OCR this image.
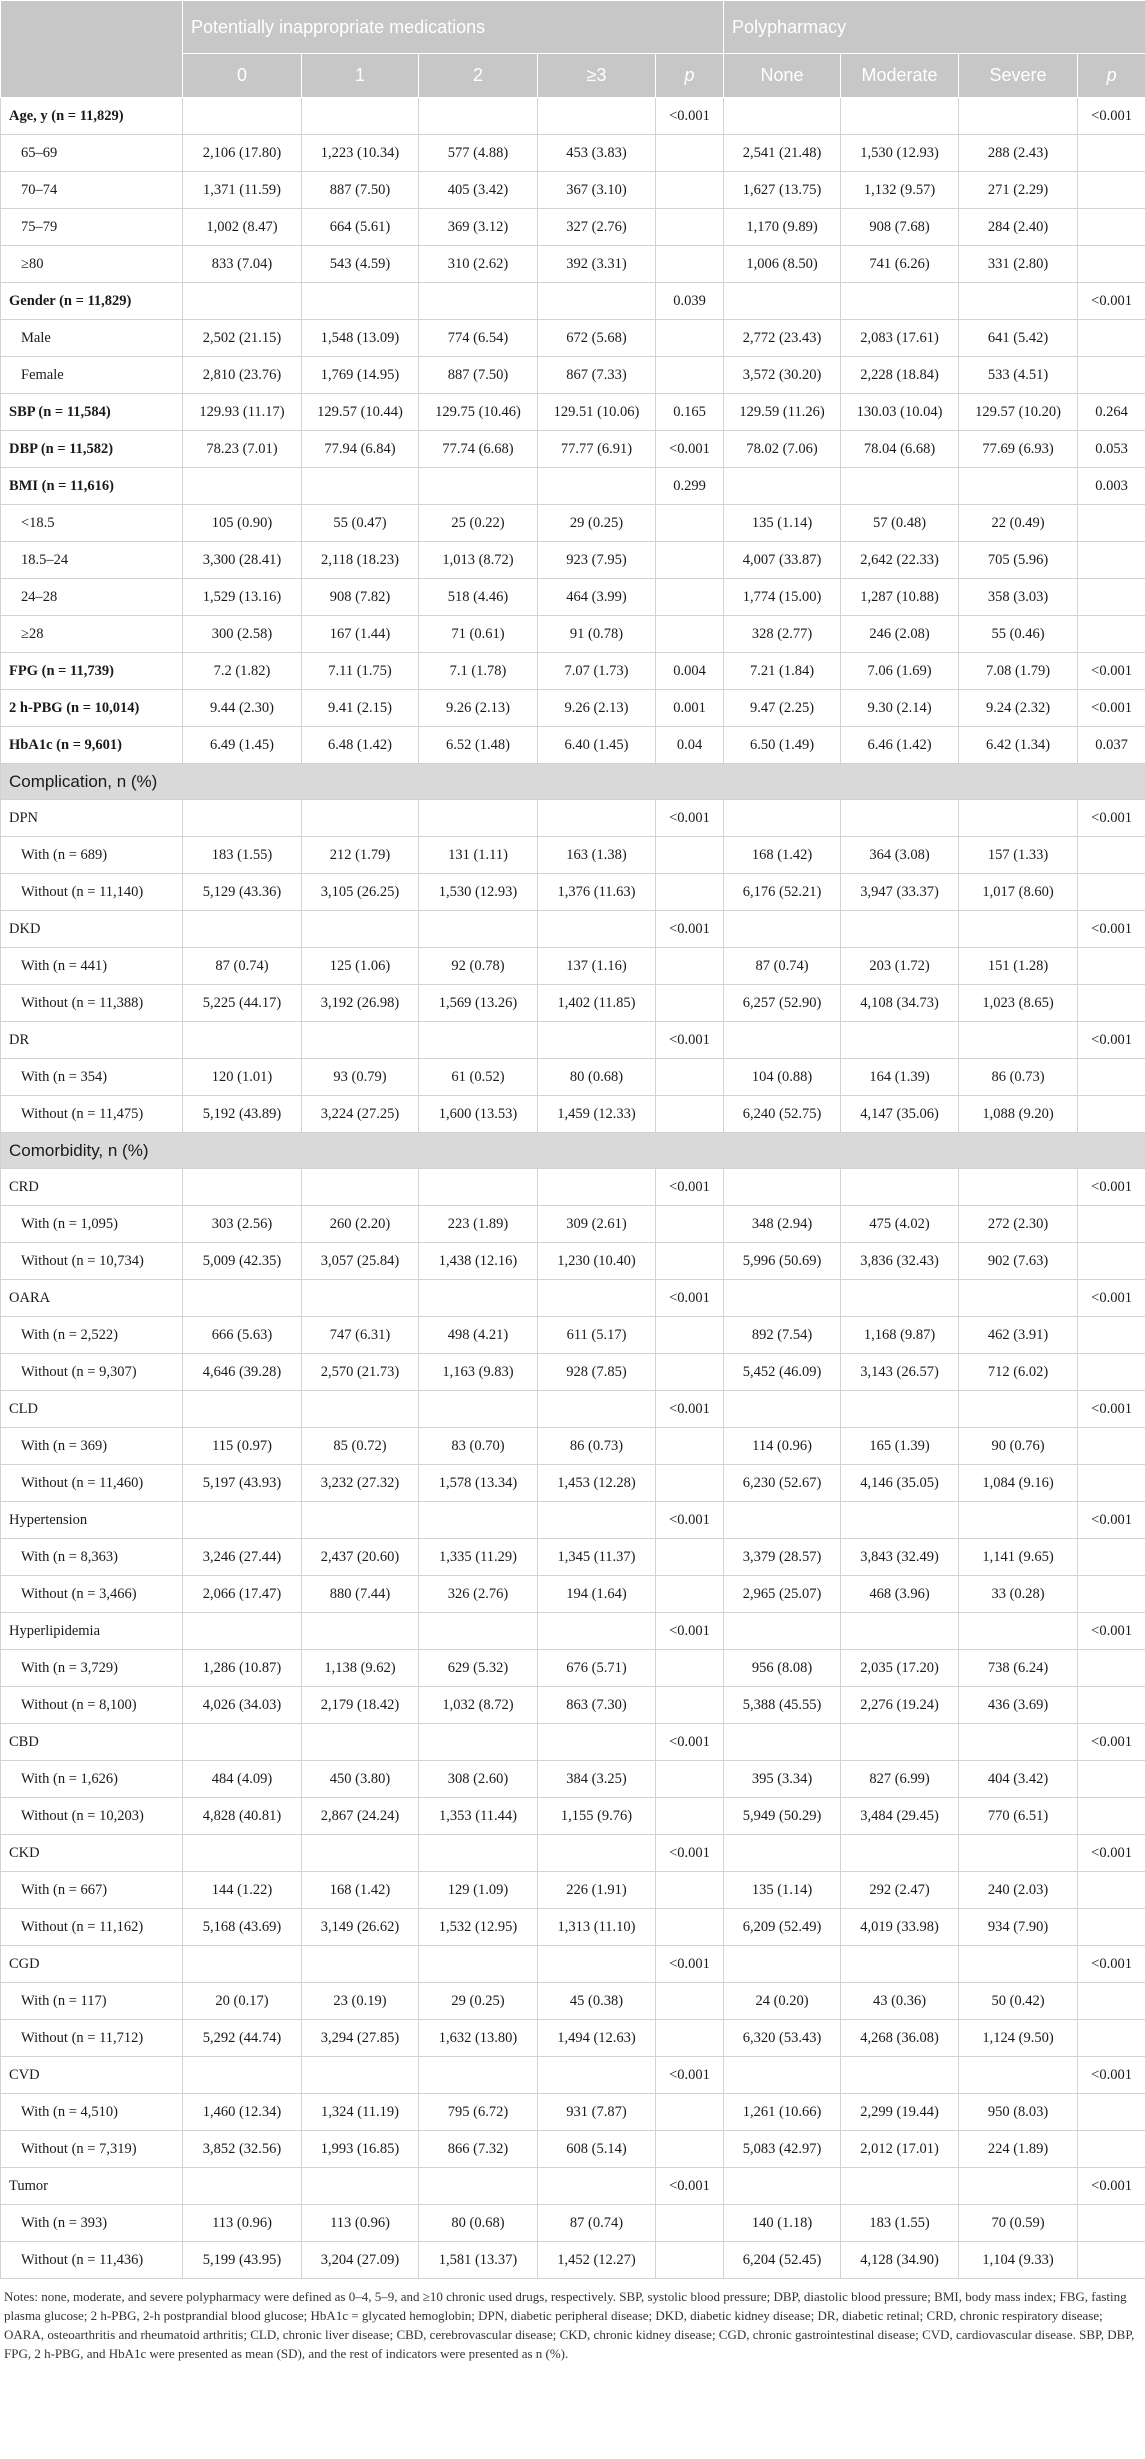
	Potentially inappropriate medications					Polypharmacy			
	0	1	2	≥3	p	None	Moderate	Severe	p
Age, y (n = 11,829)					<0.001				<0.001
65–69	2,106 (17.80)	1,223 (10.34)	577 (4.88)	453 (3.83)		2,541 (21.48)	1,530 (12.93)	288 (2.43)	
70–74	1,371 (11.59)	887 (7.50)	405 (3.42)	367 (3.10)		1,627 (13.75)	1,132 (9.57)	271 (2.29)	
75–79	1,002 (8.47)	664 (5.61)	369 (3.12)	327 (2.76)		1,170 (9.89)	908 (7.68)	284 (2.40)	
≥80	833 (7.04)	543 (4.59)	310 (2.62)	392 (3.31)		1,006 (8.50)	741 (6.26)	331 (2.80)	
Gender (n = 11,829)					0.039				<0.001
Male	2,502 (21.15)	1,548 (13.09)	774 (6.54)	672 (5.68)		2,772 (23.43)	2,083 (17.61)	641 (5.42)	
Female	2,810 (23.76)	1,769 (14.95)	887 (7.50)	867 (7.33)		3,572 (30.20)	2,228 (18.84)	533 (4.51)	
SBP (n = 11,584)	129.93 (11.17)	129.57 (10.44)	129.75 (10.46)	129.51 (10.06)	0.165	129.59 (11.26)	130.03 (10.04)	129.57 (10.20)	0.264
DBP (n = 11,582)	78.23 (7.01)	77.94 (6.84)	77.74 (6.68)	77.77 (6.91)	<0.001	78.02 (7.06)	78.04 (6.68)	77.69 (6.93)	0.053
BMI (n = 11,616)					0.299				0.003
<18.5	105 (0.90)	55 (0.47)	25 (0.22)	29 (0.25)		135 (1.14)	57 (0.48)	22 (0.49)	
18.5–24	3,300 (28.41)	2,118 (18.23)	1,013 (8.72)	923 (7.95)		4,007 (33.87)	2,642 (22.33)	705 (5.96)	
24–28	1,529 (13.16)	908 (7.82)	518 (4.46)	464 (3.99)		1,774 (15.00)	1,287 (10.88)	358 (3.03)	
≥28	300 (2.58)	167 (1.44)	71 (0.61)	91 (0.78)		328 (2.77)	246 (2.08)	55 (0.46)	
FPG (n = 11,739)	7.2 (1.82)	7.11 (1.75)	7.1 (1.78)	7.07 (1.73)	0.004	7.21 (1.84)	7.06 (1.69)	7.08 (1.79)	<0.001
2 h-PBG (n = 10,014)	9.44 (2.30)	9.41 (2.15)	9.26 (2.13)	9.26 (2.13)	0.001	9.47 (2.25)	9.30 (2.14)	9.24 (2.32)	<0.001
HbA1c (n = 9,601)	6.49 (1.45)	6.48 (1.42)	6.52 (1.48)	6.40 (1.45)	0.04	6.50 (1.49)	6.46 (1.42)	6.42 (1.34)	0.037
Complication, n (%)									
DPN					<0.001				<0.001
With (n = 689)	183 (1.55)	212 (1.79)	131 (1.11)	163 (1.38)		168 (1.42)	364 (3.08)	157 (1.33)	
Without (n = 11,140)	5,129 (43.36)	3,105 (26.25)	1,530 (12.93)	1,376 (11.63)		6,176 (52.21)	3,947 (33.37)	1,017 (8.60)	
DKD					<0.001				<0.001
With (n = 441)	87 (0.74)	125 (1.06)	92 (0.78)	137 (1.16)		87 (0.74)	203 (1.72)	151 (1.28)	
Without (n = 11,388)	5,225 (44.17)	3,192 (26.98)	1,569 (13.26)	1,402 (11.85)		6,257 (52.90)	4,108 (34.73)	1,023 (8.65)	
DR					<0.001				<0.001
With (n = 354)	120 (1.01)	93 (0.79)	61 (0.52)	80 (0.68)		104 (0.88)	164 (1.39)	86 (0.73)	
Without (n = 11,475)	5,192 (43.89)	3,224 (27.25)	1,600 (13.53)	1,459 (12.33)		6,240 (52.75)	4,147 (35.06)	1,088 (9.20)	
Comorbidity, n (%)									
CRD					<0.001				<0.001
With (n = 1,095)	303 (2.56)	260 (2.20)	223 (1.89)	309 (2.61)		348 (2.94)	475 (4.02)	272 (2.30)	
Without (n = 10,734)	5,009 (42.35)	3,057 (25.84)	1,438 (12.16)	1,230 (10.40)		5,996 (50.69)	3,836 (32.43)	902 (7.63)	
OARA					<0.001				<0.001
With (n = 2,522)	666 (5.63)	747 (6.31)	498 (4.21)	611 (5.17)		892 (7.54)	1,168 (9.87)	462 (3.91)	
Without (n = 9,307)	4,646 (39.28)	2,570 (21.73)	1,163 (9.83)	928 (7.85)		5,452 (46.09)	3,143 (26.57)	712 (6.02)	
CLD					<0.001				<0.001
With (n = 369)	115 (0.97)	85 (0.72)	83 (0.70)	86 (0.73)		114 (0.96)	165 (1.39)	90 (0.76)	
Without (n = 11,460)	5,197 (43.93)	3,232 (27.32)	1,578 (13.34)	1,453 (12.28)		6,230 (52.67)	4,146 (35.05)	1,084 (9.16)	
Hypertension					<0.001				<0.001
With (n = 8,363)	3,246 (27.44)	2,437 (20.60)	1,335 (11.29)	1,345 (11.37)		3,379 (28.57)	3,843 (32.49)	1,141 (9.65)	
Without (n = 3,466)	2,066 (17.47)	880 (7.44)	326 (2.76)	194 (1.64)		2,965 (25.07)	468 (3.96)	33 (0.28)	
Hyperlipidemia					<0.001				<0.001
With (n = 3,729)	1,286 (10.87)	1,138 (9.62)	629 (5.32)	676 (5.71)		956 (8.08)	2,035 (17.20)	738 (6.24)	
Without (n = 8,100)	4,026 (34.03)	2,179 (18.42)	1,032 (8.72)	863 (7.30)		5,388 (45.55)	2,276 (19.24)	436 (3.69)	
CBD					<0.001				<0.001
With (n = 1,626)	484 (4.09)	450 (3.80)	308 (2.60)	384 (3.25)		395 (3.34)	827 (6.99)	404 (3.42)	
Without (n = 10,203)	4,828 (40.81)	2,867 (24.24)	1,353 (11.44)	1,155 (9.76)		5,949 (50.29)	3,484 (29.45)	770 (6.51)	
CKD					<0.001				<0.001
With (n = 667)	144 (1.22)	168 (1.42)	129 (1.09)	226 (1.91)		135 (1.14)	292 (2.47)	240 (2.03)	
Without (n = 11,162)	5,168 (43.69)	3,149 (26.62)	1,532 (12.95)	1,313 (11.10)		6,209 (52.49)	4,019 (33.98)	934 (7.90)	
CGD					<0.001				<0.001
With (n = 117)	20 (0.17)	23 (0.19)	29 (0.25)	45 (0.38)		24 (0.20)	43 (0.36)	50 (0.42)	
Without (n = 11,712)	5,292 (44.74)	3,294 (27.85)	1,632 (13.80)	1,494 (12.63)		6,320 (53.43)	4,268 (36.08)	1,124 (9.50)	
CVD					<0.001				<0.001
With (n = 4,510)	1,460 (12.34)	1,324 (11.19)	795 (6.72)	931 (7.87)		1,261 (10.66)	2,299 (19.44)	950 (8.03)	
Without (n = 7,319)	3,852 (32.56)	1,993 (16.85)	866 (7.32)	608 (5.14)		5,083 (42.97)	2,012 (17.01)	224 (1.89)	
Tumor					<0.001				<0.001
With (n = 393)	113 (0.96)	113 (0.96)	80 (0.68)	87 (0.74)		140 (1.18)	183 (1.55)	70 (0.59)	
Without (n = 11,436)	5,199 (43.95)	3,204 (27.09)	1,581 (13.37)	1,452 (12.27)		6,204 (52.45)	4,128 (34.90)	1,104 (9.33)	
Notes: none, moderate, and severe polypharmacy were defined as 0–4, 5–9, and ≥10 chronic used drugs, respectively. SBP, systolic blood pressure; DBP, diastolic blood pressure; BMI, body mass index; FBG, fasting plasma glucose; 2 h-PBG, 2-h postprandial blood glucose; HbA1c = glycated hemoglobin; DPN, diabetic peripheral disease; DKD, diabetic kidney disease; DR, diabetic retinal; CRD, chronic respiratory disease; OARA, osteoarthritis and rheumatoid arthritis; CLD, chronic liver disease; CBD, cerebrovascular disease; CKD, chronic kidney disease; CGD, chronic gastrointestinal disease; CVD, cardiovascular disease. SBP, DBP, FPG, 2 h-PBG, and HbA1c were presented as mean (SD), and the rest of indicators were presented as n (%).
